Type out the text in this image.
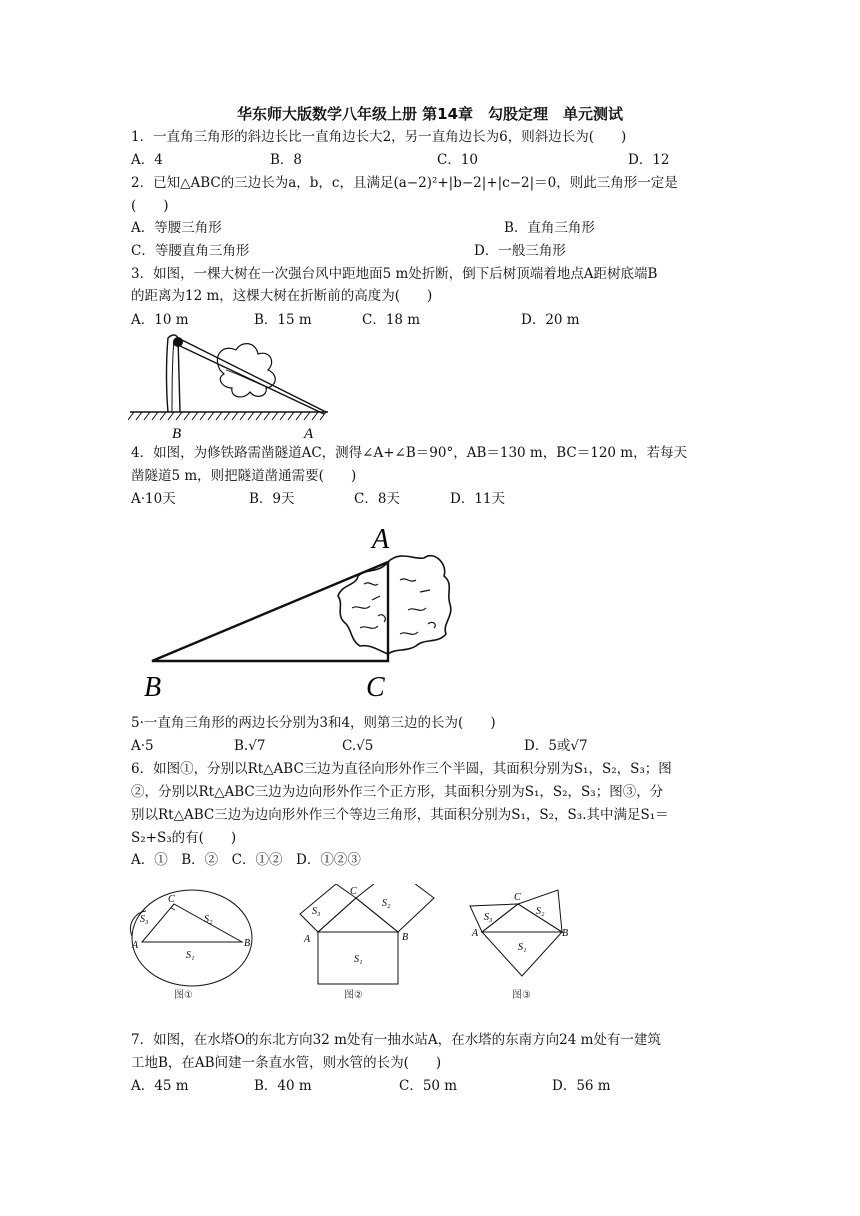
华东师大版数学八年级上册 第14章　勾股定理　单元测试
1．一直角三角形的斜边长比一直角边长大2，另一直角边长为6，则斜边长为(　　)
A．4	B．8	C．10	D．12
2．已知△ABC的三边长为a，b，c，且满足(a−2)²+|b−2|+|c−2|＝0，则此三角形一定是
(　　)
A．等腰三角形	B．直角三角形
C．等腰直角三角形	D．一般三角形
3．如图，一棵大树在一次强台风中距地面5 m处折断，倒下后树顶端着地点A距树底端B
的距离为12 m，这棵大树在折断前的高度为(　　)
A．10 m	B．15 m	C．18 m	D．20 m
B	A
4．如图，为修铁路需凿隧道AC，测得∠A+∠B＝90°，AB＝130 m，BC＝120 m，若每天
凿隧道5 m，则把隧道凿通需要(　　)
A·10天	B．9天	C．8天	D．11天
A
B	C
5·一直角三角形的两边长分别为3和4，则第三边的长为(　　)
A·5	B.√7	C.√5	D．5或√7
6．如图①，分别以Rt△ABC三边为直径向形外作三个半圆，其面积分别为S₁，S₂，S₃；图
②，分别以Rt△ABC三边为边向形外作三个正方形，其面积分别为S₁，S₂，S₃；图③，分
别以Rt△ABC三边为边向形外作三个等边三角形，其面积分别为S₁，S₂，S₃.其中满足S₁＝
S₂+S₃的有(　　)
A．①　B．②　C．①②　D．①②③
C
A	B
S₃	S₂
S₁
图①
C
A	B
S₃
S₂
S₁
图②
C
A	B
S₃
S₂
S₁
图③
7．如图，在水塔O的东北方向32 m处有一抽水站A，在水塔的东南方向24 m处有一建筑
工地B，在AB间建一条直水管，则水管的长为(　　)
A．45 m	B．40 m	C．50 m	D．56 m
